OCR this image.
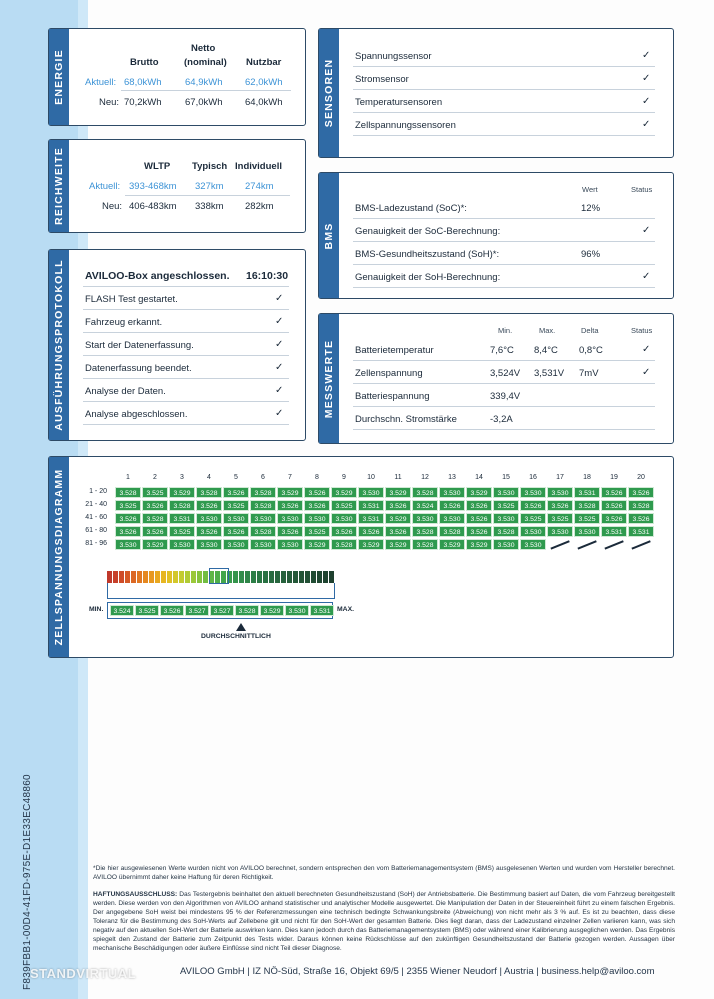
F839FBB1-00D4-41FD-975E-D1E33EC48860
ENERGIE	Brutto
Netto
(nominal) Nutzbar
Aktuell: 68,0kWh 64,9kWh 62,0kWh
Neu: 70,2kWh 67,0kWh 64,0kWh
REICHWEITE	WLTP Typisch Individuell
Aktuell: 393-468km 327km 274km
Neu: 406-483km 338km 282km
AUSFÜHRUNGSPROTOKOLL AVILOO-Box angeschlossen. 16:10:30
FLASH Test gestartet.	✓
Fahrzeug erkannt.	✓
Start der Datenerfassung.	✓
Datenerfassung beendet.	✓
Analyse der Daten.	✓
Analyse abgeschlossen.	✓
SENSOREN
Spannungssensor	✓
Stromsensor	✓
Temperatursensoren	✓
Zellspannungssensoren	✓
BMS
Wert	Status
BMS-Ladezustand (SoC)*:	12%
Genauigkeit der SoC-Berechnung:	✓
BMS-Gesundheitszustand (SoH)*:	96%
Genauigkeit der SoH-Berechnung:	✓
MESSWERTE
Min.	Max.	Delta	Status
Batterietemperatur	7,6°C 8,4°C 0,8°C	✓
Zellenspannung	3,524V 3,531V 7mV	✓
Batteriespannung	339,4V
Durchschn. Stromstärke	-3,2A
ZELLSPANNUNGSDIAGRAMM	MIN.	MAX.
DURCHSCHNITTLICH
1	2	3	4	5	6	7	8	9	10	11	12	13	14	15	16	17	18	19	20
1 - 20	3.528	3.525	3.529	3.528	3.526	3.528	3.529	3.526	3.529	3.530	3.529	3.528	3.530	3.529	3.530	3.530	3.530	3.531	3.526	3.526
21 - 40	3.525	3.526	3.528	3.526	3.525	3.528	3.526	3.526	3.525	3.531	3.526	3.524	3.526	3.526	3.525	3.526	3.526	3.528	3.526	3.528
41 - 60	3.526	3.528	3.531	3.530	3.530	3.530	3.530	3.530	3.530	3.531	3.529	3.530	3.530	3.526	3.530	3.525	3.525	3.525	3.526	3.526
61 - 80	3.526	3.526	3.525	3.526	3.526	3.528	3.526	3.525	3.526	3.526	3.526	3.528	3.528	3.526	3.528	3.530	3.530	3.530	3.531	3.531
81 - 96	3.530	3.529	3.530	3.530	3.530	3.530	3.530	3.529	3.528	3.529	3.529	3.528	3.529	3.529	3.530	3.530
3.524	3.525	3.526	3.527	3.527	3.528	3.529	3.530	3.531
*Die hier ausgewiesenen Werte wurden nicht von AVILOO berechnet, sondern entsprechen den vom Batteriemanagementsystem (BMS) ausgelesenen Werten und wurden vom Hersteller berechnet. AVILOO übernimmt daher keine Haftung für deren Richtigkeit.
HAFTUNGSAUSSCHLUSS: Das Testergebnis beinhaltet den aktuell berechneten Gesundheitszustand (SoH) der Antriebsbatterie. Die Bestimmung basiert auf Daten, die vom Fahrzeug bereitgestellt werden. Diese werden von den Algorithmen von AVILOO anhand statistischer und analytischer Modelle ausgewertet. Die Manipulation der Daten in der Steuereinheit führt zu einem falschen Ergebnis. Der angegebene SoH weist bei mindestens 95 % der Referenzmessungen eine technisch bedingte Schwankungsbreite (Abweichung) von nicht mehr als 3 % auf. Es ist zu beachten, dass diese Toleranz für die Bestimmung des SoH-Werts auf Zellebene gilt und nicht für den SoH-Wert der gesamten Batterie. Dies liegt daran, dass der Ladezustand einzelner Zellen variieren kann, was sich negativ auf den aktuellen SoH-Wert der Batterie auswirken kann. Dies kann jedoch durch das Batteriemanagementsystem (BMS) oder während einer Kalibrierung ausgeglichen werden. Das Ergebnis spiegelt den Zustand der Batterie zum Zeitpunkt des Tests wider. Daraus können keine Rückschlüsse auf den zukünftigen Gesundheitszustand der Batterie gezogen werden. Aussagen über mechanische Beschädigungen oder äußere Einflüsse sind nicht Teil dieser Diagnose.
AVILOO GmbH | IZ NÖ-Süd, Straße 16, Objekt 69/5 | 2355 Wiener Neudorf | Austria | business.help@aviloo.com
STANDVIRTUAL
